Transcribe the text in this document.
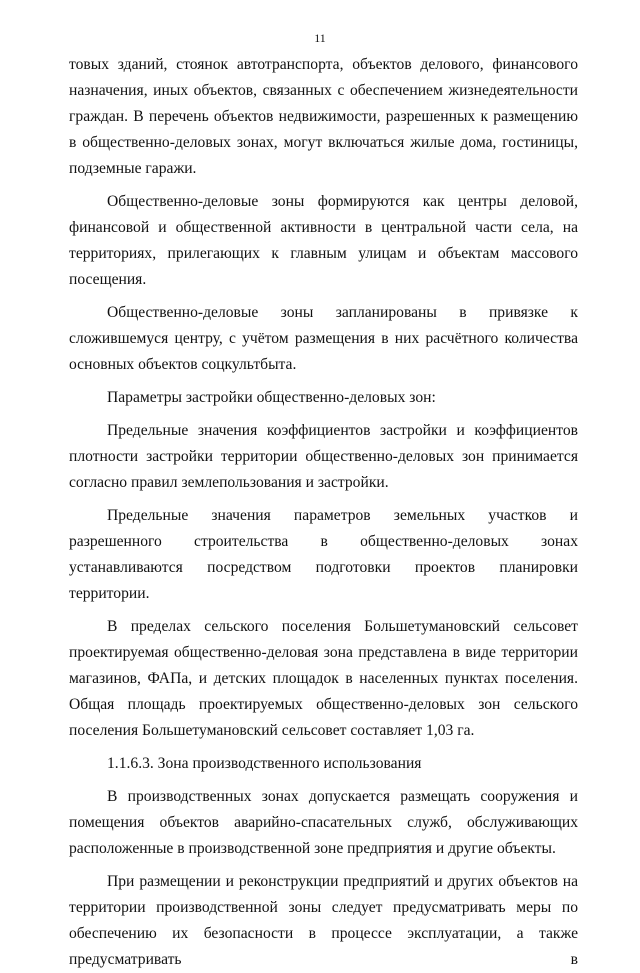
11

товых зданий, стоянок автотранспорта, объектов делового, финансового назначения, иных объектов, связанных с обеспечением жизнедеятельности граждан. В перечень объектов недвижимости, разрешенных к размещению в общественно-деловых зонах, могут включаться жилые дома, гостиницы, подземные гаражи.

Общественно-деловые зоны формируются как центры деловой, финансовой и общественной активности в центральной части села, на территориях, прилегающих к главным улицам и объектам массового посещения.

Общественно-деловые зоны запланированы в привязке к сложившемуся центру, с учётом размещения в них расчётного количества основных объектов соцкультбыта.

Параметры застройки общественно-деловых зон:

Предельные значения коэффициентов застройки и коэффициентов плотности застройки территории общественно-деловых зон принимается согласно правил землепользования и застройки.

Предельные значения параметров земельных участков и разрешенного строительства в общественно-деловых зонах устанавливаются посредством подготовки проектов планировки территории.

В пределах сельского поселения Большетумановский сельсовет проектируемая общественно-деловая зона представлена в виде территории магазинов, ФАПа, и детских площадок в населенных пунктах поселения. Общая площадь проектируемых общественно-деловых зон сельского поселения Большетумановский сельсовет составляет 1,03 га.

1.1.6.3. Зона производственного использования

В производственных зонах допускается размещать сооружения и помещения объектов аварийно-спасательных служб, обслуживающих расположенные в производственной зоне предприятия и другие объекты.

При размещении и реконструкции предприятий и других объектов на территории производственной зоны следует предусматривать меры по обеспечению их безопасности в процессе эксплуатации, а также предусматривать в
